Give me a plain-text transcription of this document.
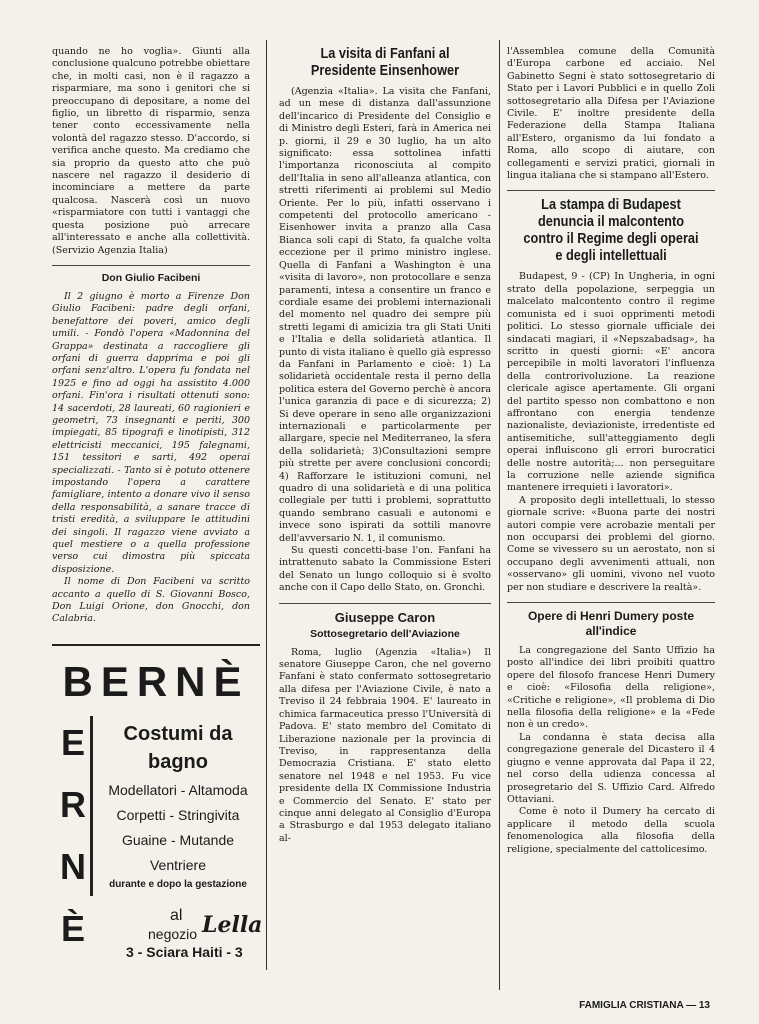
quando ne ho voglia». Giunti alla conclusione qualcuno potrebbe obiettare che, in molti casi, non è il ragazzo a risparmiare, ma sono i genitori che si preoccupano di depositare, a nome del figlio, un libretto di risparmio, senza tener conto eccessivamente nella volontà del ragazzo stesso. D'accordo, si verifica anche questo. Ma crediamo che sia proprio da questo atto che può nascere nel ragazzo il desiderio di incominciare a mettere da parte qualcosa. Nascerà così un nuovo «risparmiatore con tutti i vantaggi che questa posizione può arrecare all'interessato e anche alla collettività. (Servizio Agenzia Italia)

Don Giulio Facibeni

Il 2 giugno è morto a Firenze Don Giulio Facibeni: padre degli orfani, benefattore dei poveri, amico degli umili. - Fondò l'opera «Madonnina del Grappa» destinata a raccogliere gli orfani di guerra dapprima e poi gli orfani senz'altro. L'opera fu fondata nel 1925 e fino ad oggi ha assistito 4.000 orfani. Fin'ora i risultati ottenuti sono: 14 sacerdoti, 28 laureati, 60 ragionieri e geometri, 73 insegnanti e periti, 300 impiegati, 85 tipografi e linotipisti, 312 elettricisti meccanici, 195 falegnami, 151 tessitori e sarti, 492 operai specializzati. - Tanto si è potuto ottenere impostando l'opera a carattere famigliare, intento a donare vivo il senso della responsabilità, a sanare tracce di tristi eredità, a sviluppare le attitudini dei singoli. Il ragazzo viene avviato a quel mestiere o a quella professione verso cui dimostra più spiccata disposizione.

Il nome di Don Facibeni va scritto accanto a quello di S. Giovanni Bosco, Don Luigi Orione, don Gnocchi, don Calabria.

BERNÈ
E
R
N
È
Costumi da bagno
Modellatori - Altamoda
Corpetti - Stringivita
Guaine - Mutande
Ventriere
durante e dopo la gestazione
al
negozio Lella
3 - Sciara Haiti - 3
La visita di Fanfani al Presidente Einsenhower

(Agenzia «Italia». La visita che Fanfani, ad un mese di distanza dall'assunzione dell'incarico di Presidente del Consiglio e di Ministro degli Esteri, farà in America nei p. giorni, il 29 e 30 luglio, ha un alto significato: essa sottolinea infatti l'importanza riconosciuta al compito dell'Italia in seno all'alleanza atlantica, con stretti riferimenti ai problemi sul Medio Oriente. Per lo più, infatti osservano i competenti del protocollo americano - Eisenhower invita a pranzo alla Casa Bianca soli capi di Stato, fa qualche volta eccezione per il primo ministro inglese. Quella di Fanfani a Washington è una «visita di lavoro», non protocollare e senza paramenti, intesa a consentire un franco e cordiale esame dei problemi internazionali del momento nel quadro dei sempre più stretti legami di amicizia tra gli Stati Uniti e l'Italia e della solidarietà atlantica. Il punto di vista italiano è quello già espresso da Fanfani in Parlamento e cioè: 1) La solidarietà occidentale resta il perno della politica estera del Governo perchè è ancora l'unica garanzia di pace e di sicurezza; 2) Si deve operare in seno alle organizzazioni internazionali e particolarmente per allargare, specie nel Mediterraneo, la sfera della solidarietà; 3)Consultazioni sempre più strette per avere conclusioni concordi; 4) Rafforzare le istituzioni comuni, nel quadro di una solidarietà e di una politica collegiale per tutti i problemi, soprattutto quando sembrano casuali e autonomi e invece sono ispirati da sottili manovre dell'avversario N. 1, il comunismo.

Su questi concetti-base l'on. Fanfani ha intrattenuto sabato la Commissione Esteri del Senato un lungo colloquio si è svolto anche con il Capo dello Stato, on. Gronchi.

Giuseppe Caron
Sottosegretario dell'Aviazione

Roma, luglio (Agenzia «Italia») Il senatore Giuseppe Caron, che nel governo Fanfani è stato confermato sottosegretario alla difesa per l'Aviazione Civile, è nato a Treviso il 24 febbraia 1904. E' laureato in chimica farmaceutica presso l'Università di Padova. E' stato membro del Comitato di Liberazione nazionale per la provincia di Treviso, in rappresentanza della Democrazia Cristiana. E' stato eletto senatore nel 1948 e nel 1953. Fu vice presidente della IX Commissione Industria e Commercio del Senato. E' stato per cinque anni delegato al Consiglio d'Europa a Strasburgo e dal 1953 delegato italiano al-

l'Assemblea comune della Comunità d'Europa carbone ed acciaio. Nel Gabinetto Segni è stato sottosegretario di Stato per i Lavori Pubblici e in quello Zoli sottosegretario alla Difesa per l'Aviazione Civile. E' inoltre presidente della Federazione della Stampa Italiana all'Estero, organismo da lui fondato a Roma, allo scopo di aiutare, con collegamenti e servizi pratici, giornali in lingua italiana che si stampano all'Estero.

La stampa di Budapest denuncia il malcontento contro il Regime degli operai e degli intellettuali

Budapest, 9 - (CP) In Ungheria, in ogni strato della popolazione, serpeggia un malcelato malcontento contro il regime comunista ed i suoi opprimenti metodi politici. Lo stesso giornale ufficiale dei sindacati magiari, il «Nepszabadsag», ha scritto in questi giorni: «E' ancora percepibile in molti lavoratori l'influenza della controrivoluzione. La reazione clericale agisce apertamente. Gli organi del partito spesso non combattono e non affrontano con energia tendenze nazionaliste, deviazioniste, irredentiste ed antisemitiche, sull'atteggiamento degli operai influiscono gli errori burocratici delle nostre autorità;... non perseguitare la corruzione nelle aziende significa mantenere irrequieti i lavoratori».

A proposito degli intellettuali, lo stesso giornale scrive: «Buona parte dei nostri autori compie vere acrobazie mentali per non occuparsi dei problemi del giorno. Come se vivessero su un aerostato, non si occupano degli avvenimenti attuali, non «osservano» gli uomini, vivono nel vuoto per non studiare e descrivere la realtà».

Opere di Henri Dumery poste all'indice

La congregazione del Santo Uffizio ha posto all'indice dei libri proibiti quattro opere del filosofo francese Henri Dumery e cioè: «Filosofia della religione», «Critiche e religione», «Il problema di Dio nella filosofia della religione» e la «Fede non è un credo».

La condanna è stata decisa alla congregazione generale del Dicastero il 4 giugno e venne approvata dal Papa il 22, nel corso della udienza concessa al prosegretario del S. Uffizio Card. Alfredo Ottaviani.

Come è noto il Dumery ha cercato di applicare il metodo della scuola fenomenologica alla filosofia della religione, specialmente del cattolicesimo.

FAMIGLIA CRISTIANA — 13
